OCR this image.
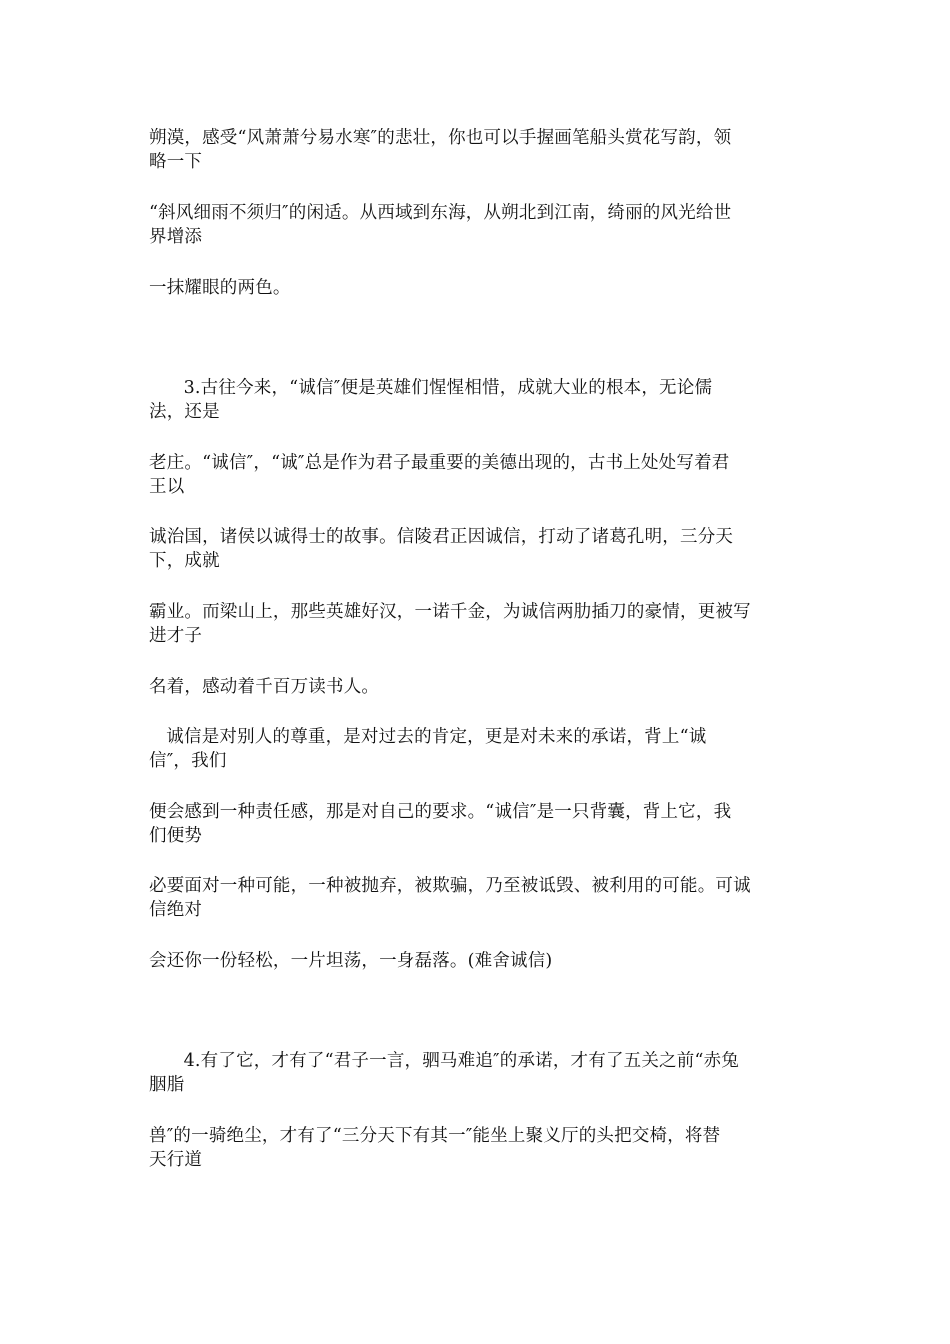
朔漠，感受“风萧萧兮易水寒″的悲壮，你也可以手握画笔船头赏花写韵，领
略一下
“斜风细雨不须归″的闲适。从西域到东海，从朔北到江南，绮丽的风光给世
界增添
一抹耀眼的两色。
3.古往今来，“诚信″便是英雄们惺惺相惜，成就大业的根本，无论儒
法，还是
老庄。“诚信″，“诚″总是作为君子最重要的美德出现的，古书上处处写着君
王以
诚治国，诸侯以诚得士的故事。信陵君正因诚信，打动了诸葛孔明，三分天
下，成就
霸业。而梁山上，那些英雄好汉，一诺千金，为诚信两肋插刀的豪情，更被写
进才子
名着，感动着千百万读书人。
诚信是对别人的尊重，是对过去的肯定，更是对未来的承诺，背上“诚
信″，我们
便会感到一种责任感，那是对自己的要求。“诚信″是一只背囊，背上它，我
们便势
必要面对一种可能，一种被抛弃，被欺骗，乃至被诋毁、被利用的可能。可诚
信绝对
会还你一份轻松，一片坦荡，一身磊落。(难舍诚信)
4.有了它，才有了“君子一言，驷马难追″的承诺，才有了五关之前“赤兔
胭脂
兽″的一骑绝尘，才有了“三分天下有其一″能坐上聚义厅的头把交椅，将替
天行道
